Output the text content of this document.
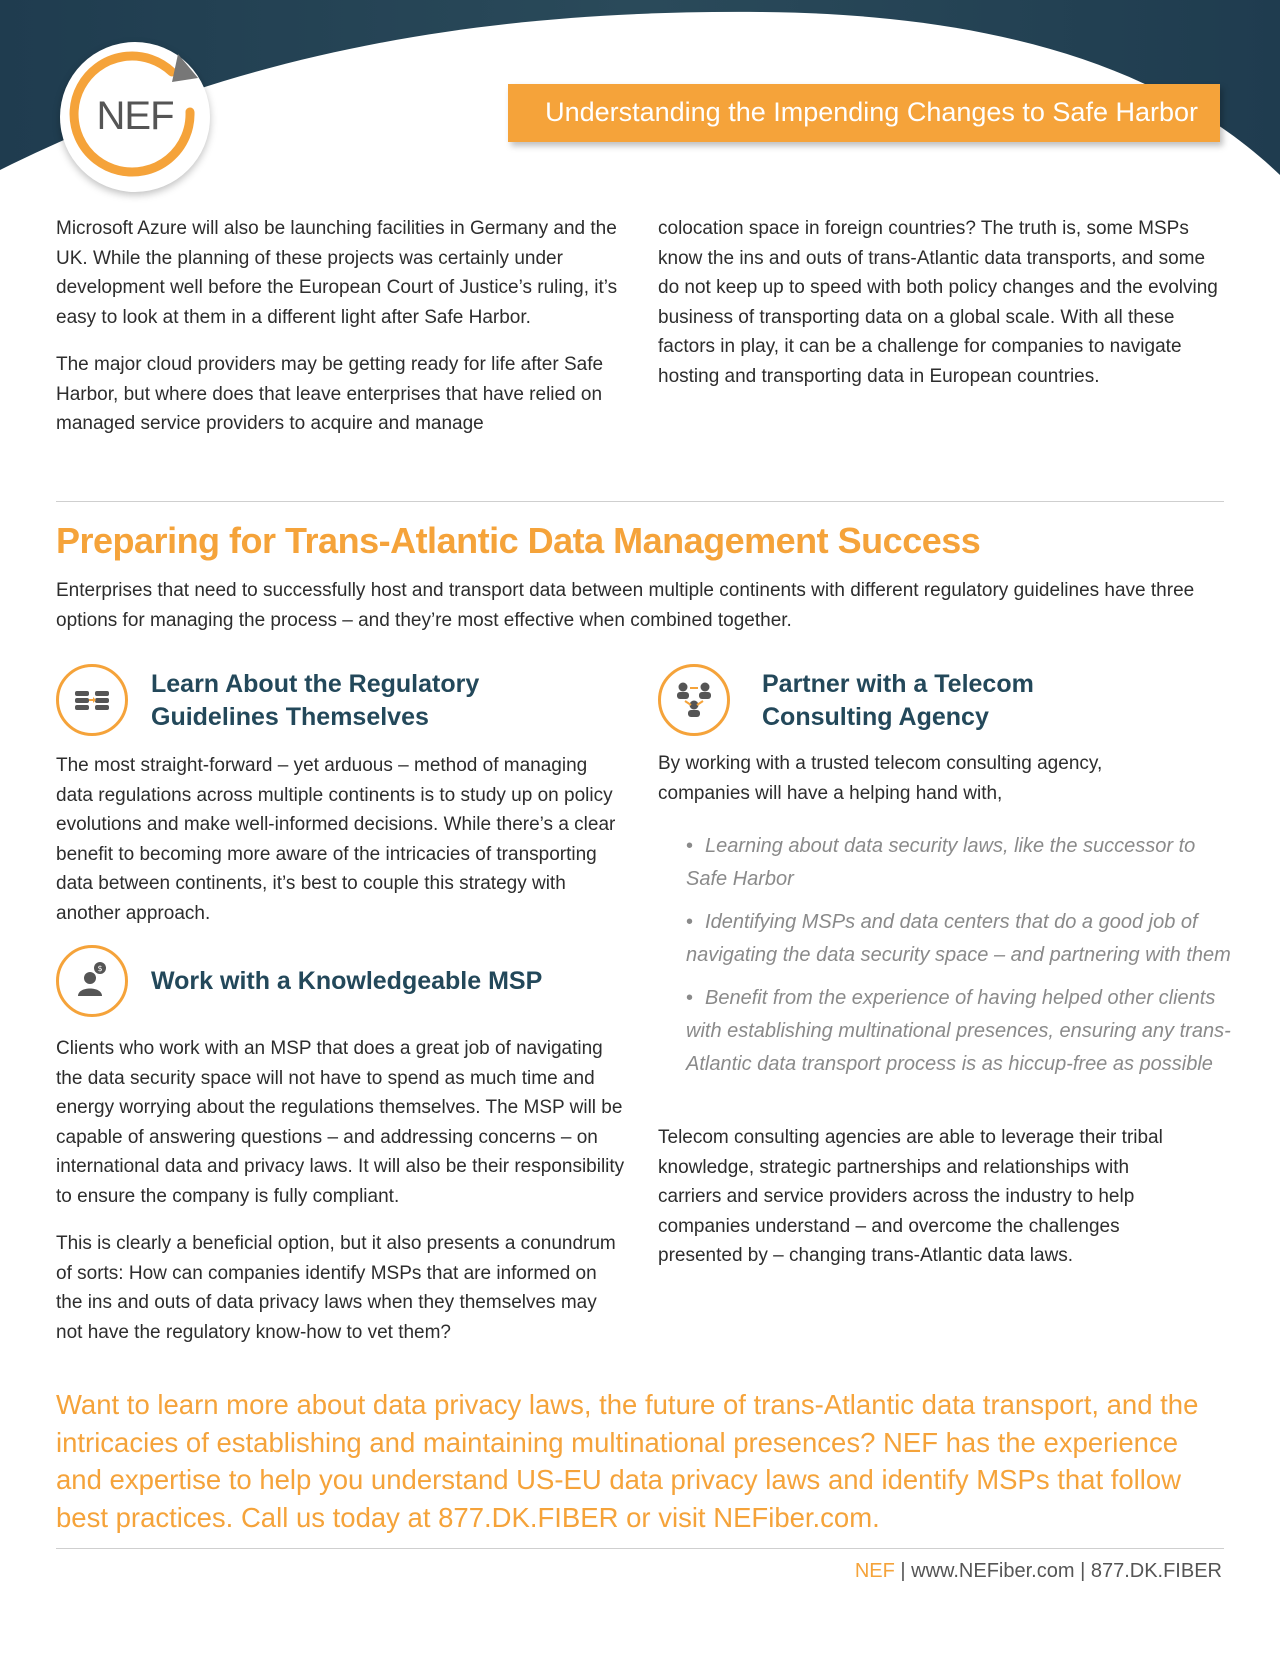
NEF	Understanding the Impending Changes to Safe Harbor

Microsoft Azure will also be launching facilities in Germany and the UK. While the planning of these projects was certainly under development well before the European Court of Justice’s ruling, it’s easy to look at them in a different light after Safe Harbor.

The major cloud providers may be getting ready for life after Safe Harbor, but where does that leave enterprises that have relied on managed service providers to acquire and manage

colocation space in foreign countries? The truth is, some MSPs know the ins and outs of trans-Atlantic data transports, and some do not keep up to speed with both policy changes and the evolving business of transporting data on a global scale. With all these factors in play, it can be a challenge for companies to navigate hosting and transporting data in European countries.

Preparing for Trans-Atlantic Data Management Success
Enterprises that need to successfully host and transport data between multiple continents with different regulatory guidelines have three options for managing the process – and they’re most effective when combined together.
Learn About the Regulatory
Guidelines Themselves

The most straight-forward – yet arduous – method of managing data regulations across multiple continents is to study up on policy evolutions and make well-informed decisions. While there’s a clear benefit to becoming more aware of the intricacies of transporting data between continents, it’s best to couple this strategy with another approach.

$ Work with a Knowledgeable MSP

Clients who work with an MSP that does a great job of navigating the data security space will not have to spend as much time and energy worrying about the regulations themselves. The MSP will be capable of answering questions – and addressing concerns – on international data and privacy laws. It will also be their responsibility to ensure the company is fully compliant.

This is clearly a beneficial option, but it also presents a conundrum of sorts: How can companies identify MSPs that are informed on the ins and outs of data privacy laws when they themselves may not have the regulatory know-how to vet them?

Partner with a Telecom
Consulting Agency

By working with a trusted telecom consulting agency, companies will have a helping hand with,

• Learning about data security laws, like the successor to Safe Harbor
• Identifying MSPs and data centers that do a good job of navigating the data security space – and partnering with them
• Benefit from the experience of having helped other clients with establishing multinational presences, ensuring any trans-Atlantic data transport process is as hiccup-free as possible

Telecom consulting agencies are able to leverage their tribal knowledge, strategic partnerships and relationships with carriers and service providers across the industry to help companies understand – and overcome the challenges presented by – changing trans-Atlantic data laws.

Want to learn more about data privacy laws, the future of trans-Atlantic data transport, and the intricacies of establishing and maintaining multinational presences? NEF has the experience and expertise to help you understand US-EU data privacy laws and identify MSPs that follow best practices. Call us today at 877.DK.FIBER or visit NEFiber.com.
NEF | www.NEFiber.com | 877.DK.FIBER
